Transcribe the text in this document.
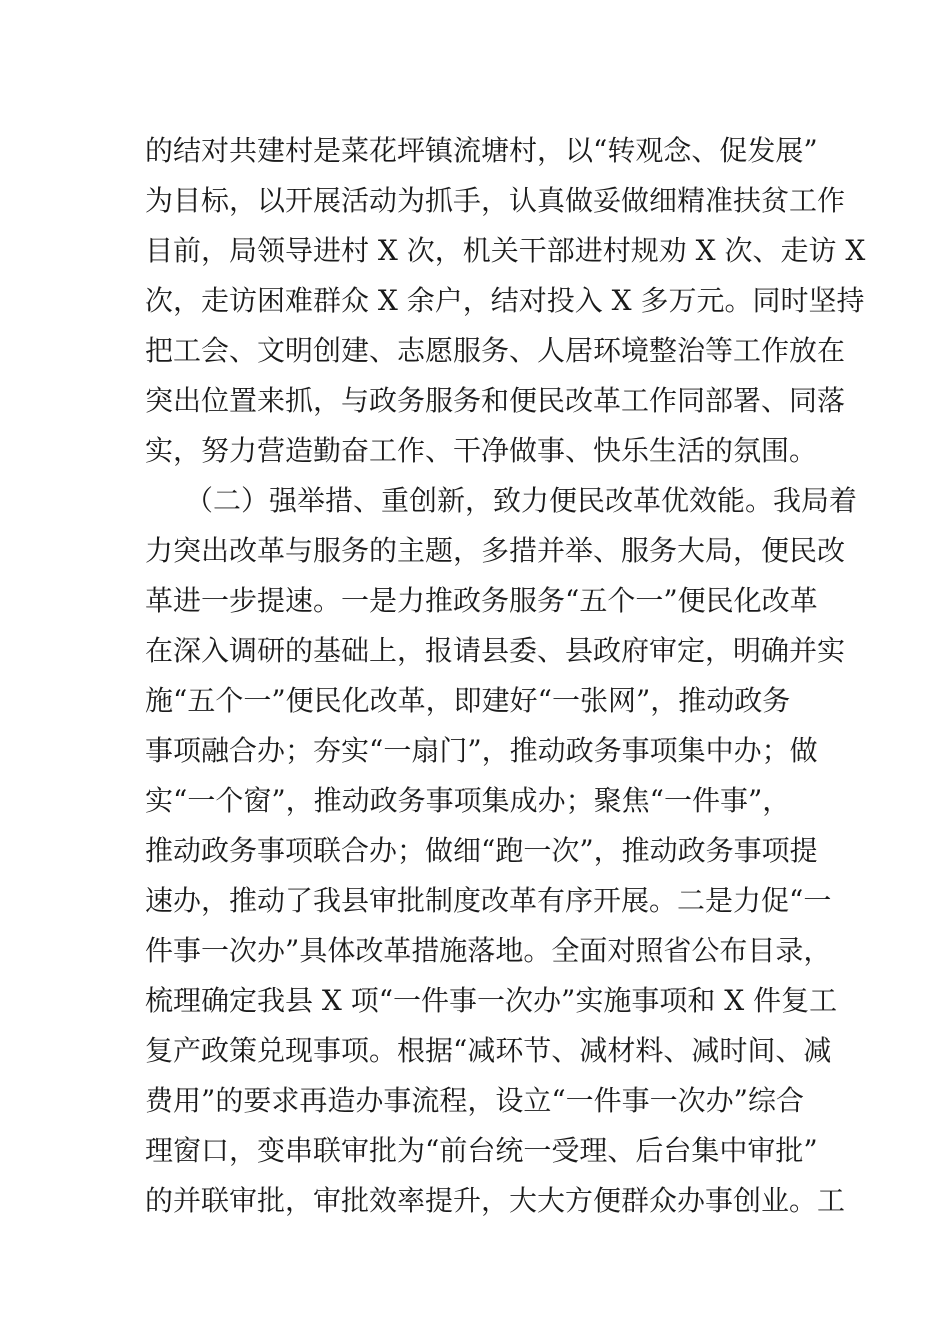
的结对共建村是菜花坪镇流塘村，以“转观念、促发展”
为目标，以开展活动为抓手，认真做妥做细精准扶贫工作
目前，局领导进村 X 次，机关干部进村规劝 X 次、走访 X
次，走访困难群众 X 余户，结对投入 X 多万元。同时坚持
把工会、文明创建、志愿服务、人居环境整治等工作放在
突出位置来抓，与政务服务和便民改革工作同部署、同落
实，努力营造勤奋工作、干净做事、快乐生活的氛围。
（二）强举措、重创新，致力便民改革优效能。我局着
力突出改革与服务的主题，多措并举、服务大局，便民改
革进一步提速。一是力推政务服务“五个一”便民化改革
在深入调研的基础上，报请县委、县政府审定，明确并实
施“五个一”便民化改革，即建好“一张网”，推动政务
事项融合办；夯实“一扇门”，推动政务事项集中办；做
实“一个窗”，推动政务事项集成办；聚焦“一件事”，
推动政务事项联合办；做细“跑一次”，推动政务事项提
速办，推动了我县审批制度改革有序开展。二是力促“一
件事一次办”具体改革措施落地。全面对照省公布目录，
梳理确定我县 X 项“一件事一次办”实施事项和 X 件复工
复产政策兑现事项。根据“减环节、减材料、减时间、减
费用”的要求再造办事流程，设立“一件事一次办”综合
理窗口，变串联审批为“前台统一受理、后台集中审批”
的并联审批，审批效率提升，大大方便群众办事创业。工
